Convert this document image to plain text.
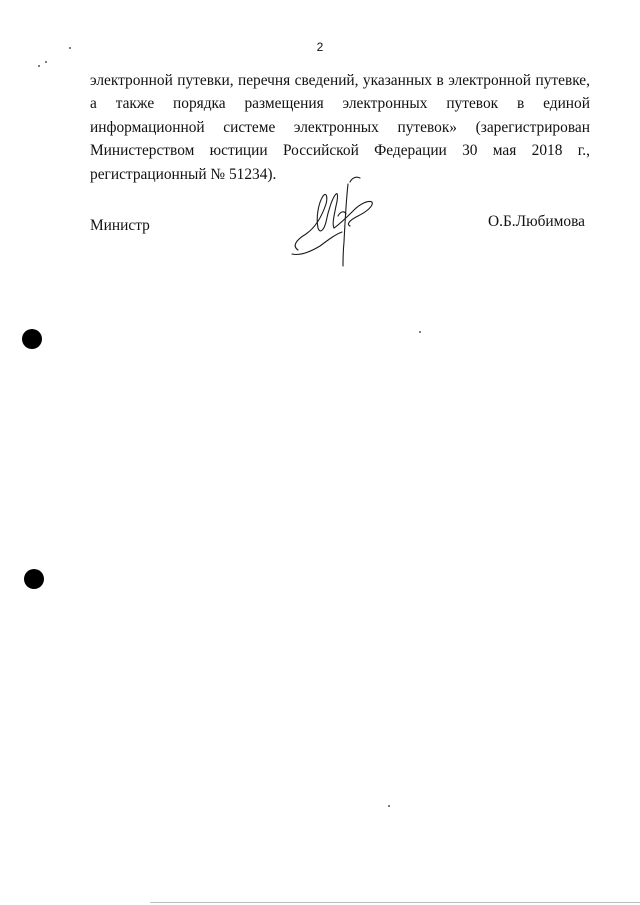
2
электронной путевки, перечня сведений, указанных в электронной путевке,
а также порядка размещения электронных путевок в единой
информационной системе электронных путевок» (зарегистрирован
Министерством юстиции Российской Федерации 30 мая 2018 г.,
регистрационный № 51234).
Министр	О.Б.Любимова
